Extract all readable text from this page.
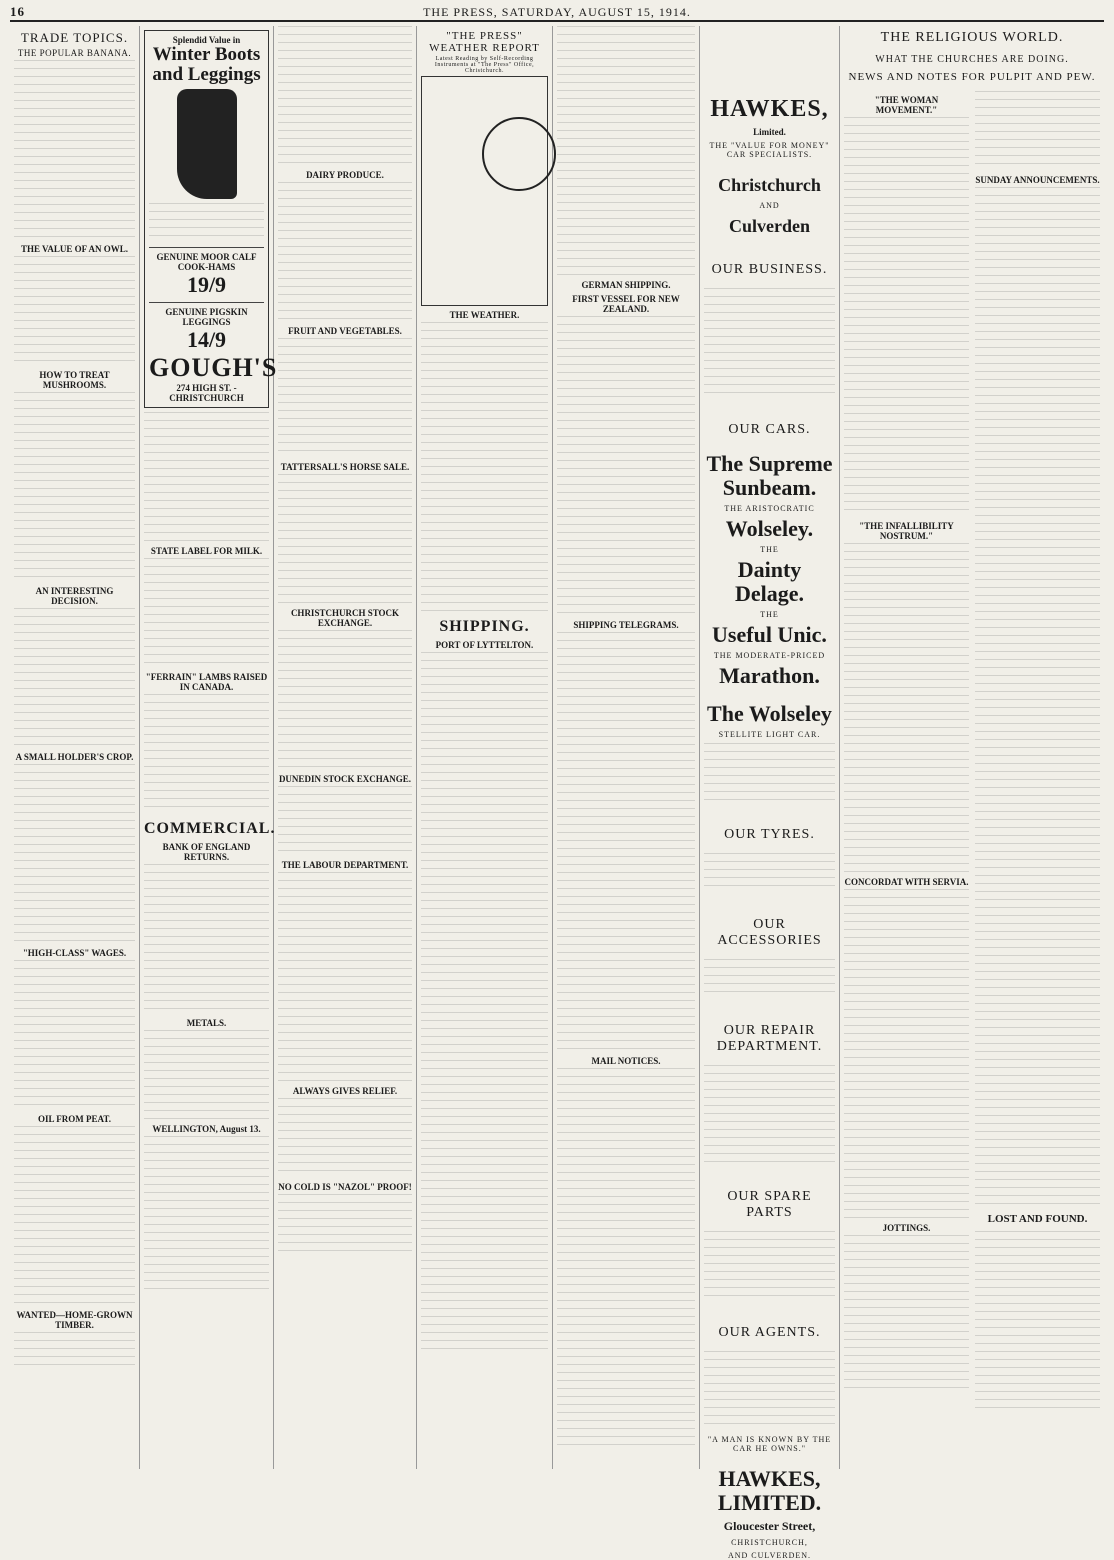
16	THE PRESS, SATURDAY, AUGUST 15, 1914.
TRADE TOPICS.
THE POPULAR BANANA.
THE VALUE OF AN OWL.
HOW TO TREAT MUSHROOMS.
AN INTERESTING DECISION.
A SMALL HOLDER'S CROP.
"HIGH-CLASS" WAGES.
OIL FROM PEAT.
WANTED—HOME-GROWN TIMBER.
Splendid Value in
Winter Boots and Leggings
GENUINE MOOR CALF COOK-HAMS
19/9
GENUINE PIGSKIN LEGGINGS
14/9
GOUGH'S
274 HIGH ST. - CHRISTCHURCH
STATE LABEL FOR MILK.
"FERRAIN" LAMBS RAISED IN CANADA.
COMMERCIAL.
BANK OF ENGLAND RETURNS.
METALS.
WELLINGTON, August 13.
DAIRY PRODUCE.
FRUIT AND VEGETABLES.
TATTERSALL'S HORSE SALE.
CHRISTCHURCH STOCK EXCHANGE.
DUNEDIN STOCK EXCHANGE.
THE LABOUR DEPARTMENT.
ALWAYS GIVES RELIEF.
NO COLD IS "NAZOL" PROOF!
"THE PRESS" WEATHER REPORT
Latest Reading by Self-Recording Instruments at "The Press" Office, Christchurch.
THE WEATHER.
SHIPPING.
PORT OF LYTTELTON.
GERMAN SHIPPING.
FIRST VESSEL FOR NEW ZEALAND.
SHIPPING TELEGRAMS.
MAIL NOTICES.
HAWKES,
Limited.
THE "VALUE FOR MONEY" CAR SPECIALISTS.
Christchurch
AND
Culverden
OUR BUSINESS.
OUR CARS.
The Supreme
Sunbeam.
THE ARISTOCRATIC
Wolseley.
THE
Dainty Delage.
THE
Useful Unic.
THE MODERATE-PRICED
Marathon.
The Wolseley
STELLITE LIGHT CAR.
OUR TYRES.
OUR ACCESSORIES
OUR REPAIR DEPARTMENT.
OUR SPARE PARTS
OUR AGENTS.
"A MAN IS KNOWN BY THE CAR HE OWNS."
HAWKES, LIMITED.
Gloucester Street,
CHRISTCHURCH,
AND CULVERDEN.
THE RELIGIOUS WORLD.
WHAT THE CHURCHES ARE DOING.
NEWS AND NOTES FOR PULPIT AND PEW.
"THE WOMAN MOVEMENT."
"THE INFALLIBILITY NOSTRUM."
CONCORDAT WITH SERVIA.
JOTTINGS.
SUNDAY ANNOUNCEMENTS.
LOST AND FOUND.
